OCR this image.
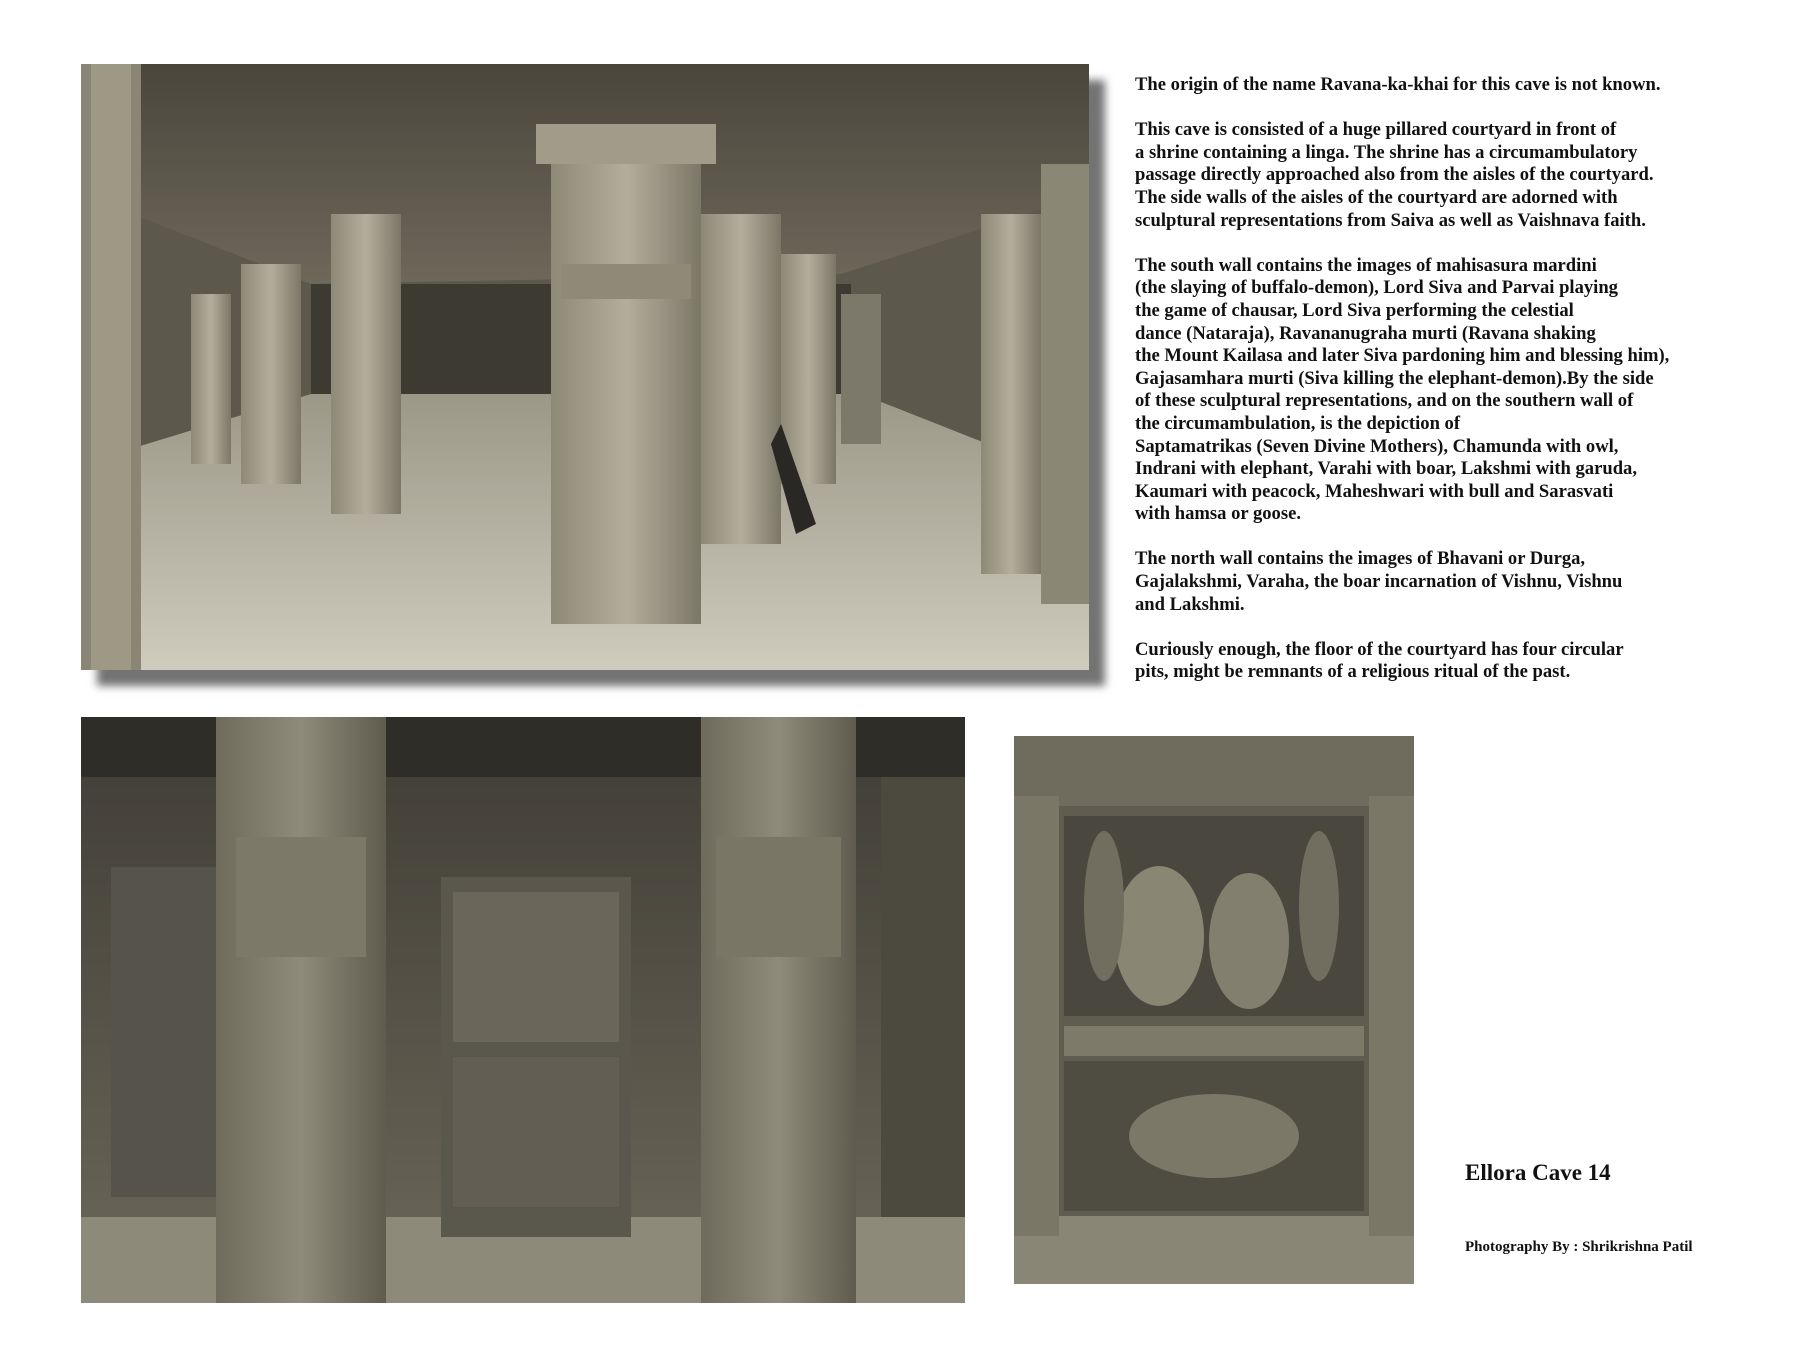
The origin of the name Ravana-ka-khai for this cave is not known.

This cave is consisted of a huge pillared courtyard in front of
a shrine containing a linga. The shrine has a circumambulatory
passage directly approached also from the aisles of the courtyard.
The side walls of the aisles of the courtyard are adorned with
sculptural representations from Saiva as well as Vaishnava faith.

The south wall contains the images of mahisasura mardini
(the slaying of buffalo-demon), Lord Siva and Parvai playing
the game of chausar, Lord Siva performing the celestial
dance (Nataraja), Ravananugraha murti (Ravana shaking
the Mount Kailasa and later Siva pardoning him and blessing him),
Gajasamhara murti (Siva killing the elephant-demon).By the side
of these sculptural representations, and on the southern wall of
the circumambulation, is the depiction of
Saptamatrikas (Seven Divine Mothers), Chamunda with owl,
Indrani with elephant, Varahi with boar, Lakshmi with garuda,
Kaumari with peacock, Maheshwari with bull and Sarasvati
with hamsa or goose.

The north wall contains the images of Bhavani or Durga,
Gajalakshmi, Varaha, the boar incarnation of Vishnu, Vishnu
and Lakshmi.

Curiously enough, the floor of the courtyard has four circular
pits, might be remnants of a religious ritual of the past.

Ellora Cave 14
Photography By : Shrikrishna Patil
